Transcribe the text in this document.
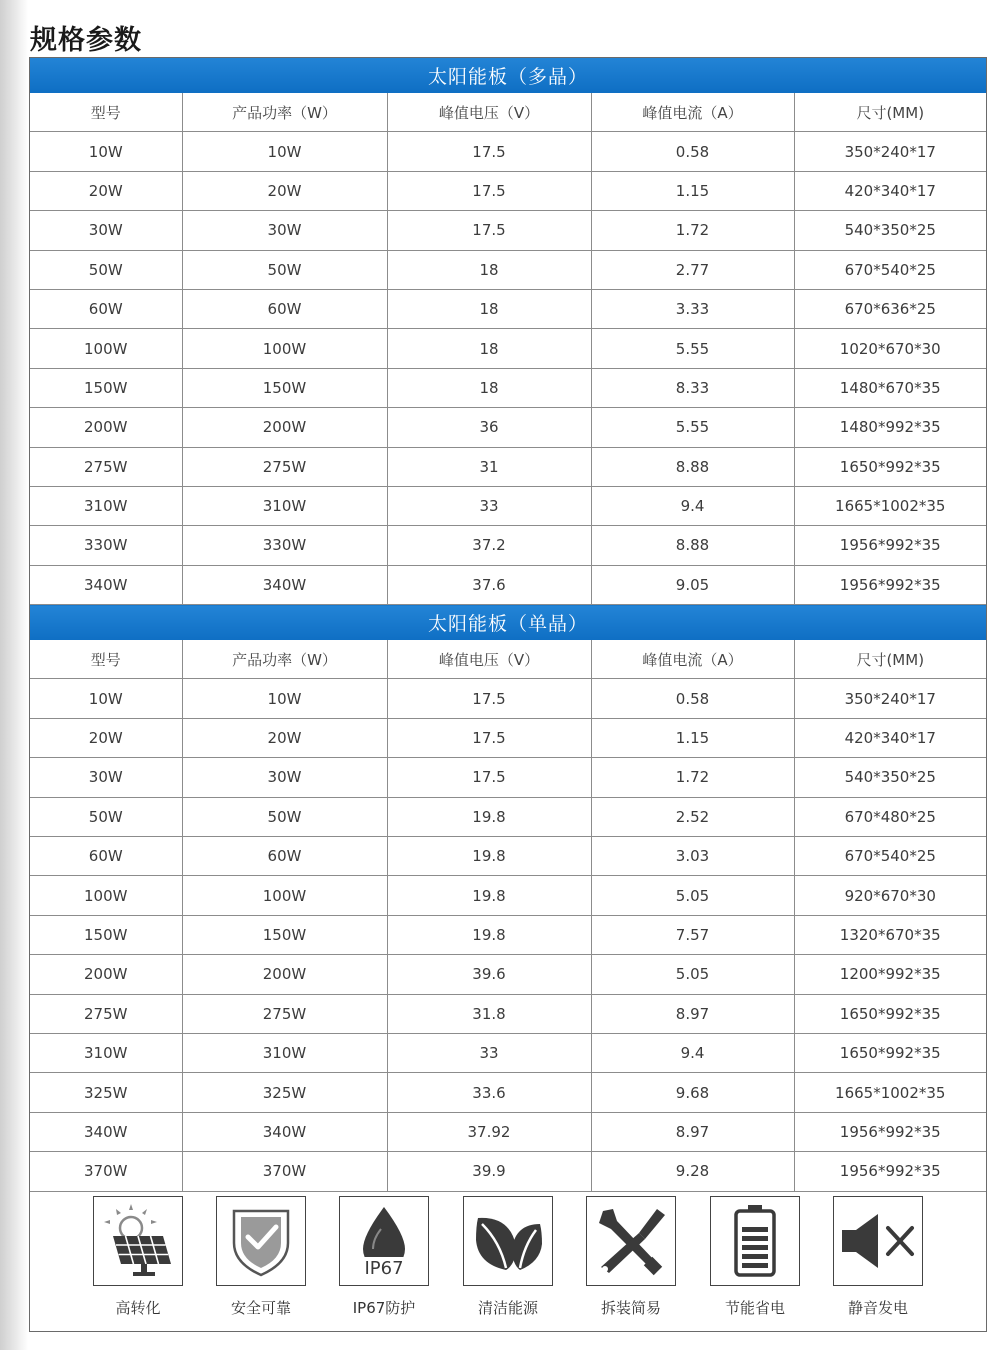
规格参数
太阳能板（多晶）				
型号	产品功率（W）	峰值电压（V）	峰值电流（A）	尺寸(MM)
10W	10W	17.5	0.58	350*240*17
20W	20W	17.5	1.15	420*340*17
30W	30W	17.5	1.72	540*350*25
50W	50W	18	2.77	670*540*25
60W	60W	18	3.33	670*636*25
100W	100W	18	5.55	1020*670*30
150W	150W	18	8.33	1480*670*35
200W	200W	36	5.55	1480*992*35
275W	275W	31	8.88	1650*992*35
310W	310W	33	9.4	1665*1002*35
330W	330W	37.2	8.88	1956*992*35
340W	340W	37.6	9.05	1956*992*35
太阳能板（单晶）				
型号	产品功率（W）	峰值电压（V）	峰值电流（A）	尺寸(MM)
10W	10W	17.5	0.58	350*240*17
20W	20W	17.5	1.15	420*340*17
30W	30W	17.5	1.72	540*350*25
50W	50W	19.8	2.52	670*480*25
60W	60W	19.8	3.03	670*540*25
100W	100W	19.8	5.05	920*670*30
150W	150W	19.8	7.57	1320*670*35
200W	200W	39.6	5.05	1200*992*35
275W	275W	31.8	8.97	1650*992*35
310W	310W	33	9.4	1650*992*35
325W	325W	33.6	9.68	1665*1002*35
340W	340W	37.92	8.97	1956*992*35
370W	370W	39.9	9.28	1956*992*35
高转化	安全可靠
IP67
IP67防护	清洁能源	拆装简易	节能省电	静音发电
